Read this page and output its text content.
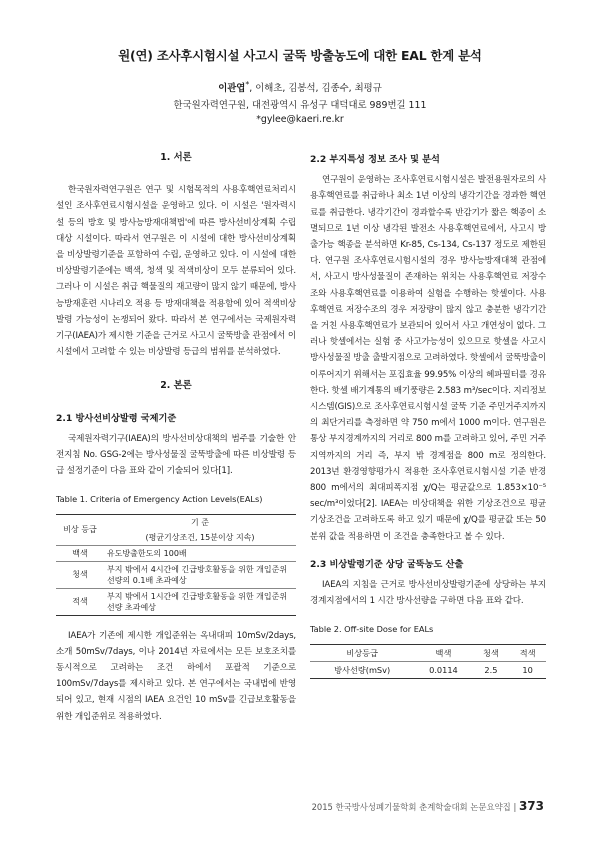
원(연) 조사후시험시설 사고시 굴뚝 방출농도에 대한 EAL 한계 분석
이관엽*, 이해초, 김봉석, 김종수, 최평규
한국원자력연구원, 대전광역시 유성구 대덕대로 989번길 111
*gylee@kaeri.re.kr
1. 서론

한국원자력연구원은 연구 및 시험목적의 사용후핵연료처리시설인 조사후연료시험시설을 운영하고 있다. 이 시설은 '원자력시설 등의 방호 및 방사능방재대책법'에 따른 방사선비상계획 수립 대상 시설이다. 따라서 연구원은 이 시설에 대한 방사선비상계획을 비상발령기준을 포함하여 수립, 운영하고 있다. 이 시설에 대한 비상발령기준에는 백색, 청색 및 적색비상이 모두 분류되어 있다. 그러나 이 시설은 취급 핵물질의 재고량이 많지 않기 때문에, 방사능방재훈련 시나리오 적용 등 방재대책을 적용함에 있어 적색비상 발령 가능성이 논쟁되어 왔다. 따라서 본 연구에서는 국제원자력기구(IAEA)가 제시한 기준을 근거로 사고시 굴뚝방출 관점에서 이 시설에서 고려할 수 있는 비상발령 등급의 범위를 분석하였다.

2. 본론
2.1 방사선비상발령 국제기준

국제원자력기구(IAEA)의 방사선비상대책의 범주를 기술한 안전지침 No. GSG-2에는 방사성물질 굴뚝방출에 따른 비상발령 등급 설정기준이 다음 표와 같이 기술되어 있다[1].

Table 1. Criteria of Emergency Action Levels(EALs)
비상 등급	기 준
	(평균기상조건, 15분이상 지속)
백색	유도방출한도의 100배
청색	부지 밖에서 4시간에 긴급방호활동을 위한 개입준위 선량의 0.1배 초과예상
적색	부지 밖에서 1시간에 긴급방호활동을 위한 개입준위 선량 초과예상

IAEA가 기존에 제시한 개입준위는 옥내대피 10mSv/2days, 소개 50mSv/7days, 이나 2014년 자료에서는 모든 보호조치를 동시적으로 고려하는 조건 하에서 포괄적 기준으로 100mSv/7days를 제시하고 있다. 본 연구에서는 국내법에 반영되어 있고, 현재 시점의 IAEA 요건인 10 mSv를 긴급보호활동을 위한 개입준위로 적용하였다.

2.2 부지특성 정보 조사 및 분석

연구원이 운영하는 조사후연료시험시설은 발전용원자로의 사용후핵연료를 취급하나 최소 1년 이상의 냉각기간을 경과한 핵연료를 취급한다. 냉각기간이 경과할수록 반감기가 짧은 핵종이 소멸되므로 1년 이상 냉각된 발전소 사용후핵연료에서, 사고시 방출가능 핵종을 분석하면 Kr-85, Cs-134, Cs-137 정도로 제한된다. 연구원 조사후연료시험시설의 경우 방사능방재대책 관점에서, 사고시 방사성물질이 존재하는 위치는 사용후핵연료 저장수조와 사용후핵연료를 이용하여 실험을 수행하는 핫셀이다. 사용후핵연료 저장수조의 경우 저장량이 많지 않고 충분한 냉각기간을 거친 사용후핵연료가 보관되어 있어서 사고 개연성이 없다. 그러나 핫셀에서는 실험 중 사고가능성이 있으므로 핫셀을 사고시 방사성물질 방출 출발지점으로 고려하였다. 핫셀에서 굴뚝방출이 이루어지기 위해서는 포집효율 99.95% 이상의 헤파필터를 경유한다. 핫셀 배기계통의 배기풍량은 2.583 m³/sec이다. 지리정보시스템(GIS)으로 조사후연료시험시설 굴뚝 기준 주민거주지까지의 최단거리를 측정하면 약 750 m에서 1000 m이다. 연구원은 통상 부지경계까지의 거리로 800 m를 고려하고 있어, 주민 거주지역까지의 거리 즉, 부지 밖 경계점을 800 m로 정의한다. 2013년 환경영향평가시 적용한 조사후연료시험시설 기준 반경 800 m에서의 최대피폭지점 χ/Q는 평균값으로 1.853×10⁻⁵ sec/m³이었다[2]. IAEA는 비상대책을 위한 기상조건으로 평균기상조건을 고려하도록 하고 있기 때문에 χ/Q를 평균값 또는 50분위 값을 적용하면 이 조건을 충족한다고 볼 수 있다.

2.3 비상발령기준 상당 굴뚝농도 산출

IAEA의 지침을 근거로 방사선비상발령기준에 상당하는 부지경계지점에서의 1 시간 방사선량을 구하면 다음 표와 같다.

Table 2. Off-site Dose for EALs
비상등급	백색	청색	적색
방사선량(mSv)	0.0114	2.5	10
2015 한국방사성폐기물학회 춘계학술대회 논문요약집 | 373
